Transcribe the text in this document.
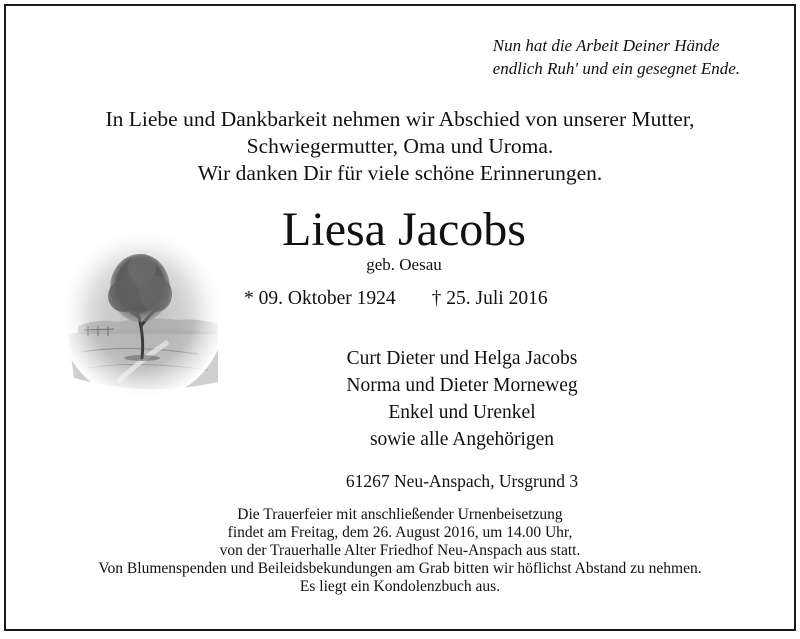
Nun hat die Arbeit Deiner Hände
endlich Ruh' und ein gesegnet Ende.
In Liebe und Dankbarkeit nehmen wir Abschied von unserer Mutter,
Schwiegermutter, Oma und Uroma.
Wir danken Dir für viele schöne Erinnerungen.
Liesa Jacobs
geb. Oesau
* 09. Oktober 1924 † 25. Juli 2016
Curt Dieter und Helga Jacobs
Norma und Dieter Morneweg
Enkel und Urenkel
sowie alle Angehörigen
61267 Neu-Anspach, Ursgrund 3
Die Trauerfeier mit anschließender Urnenbeisetzung
findet am Freitag, dem 26. August 2016, um 14.00 Uhr,
von der Trauerhalle Alter Friedhof Neu-Anspach aus statt.
Von Blumenspenden und Beileidsbekundungen am Grab bitten wir höflichst Abstand zu nehmen.
Es liegt ein Kondolenzbuch aus.
